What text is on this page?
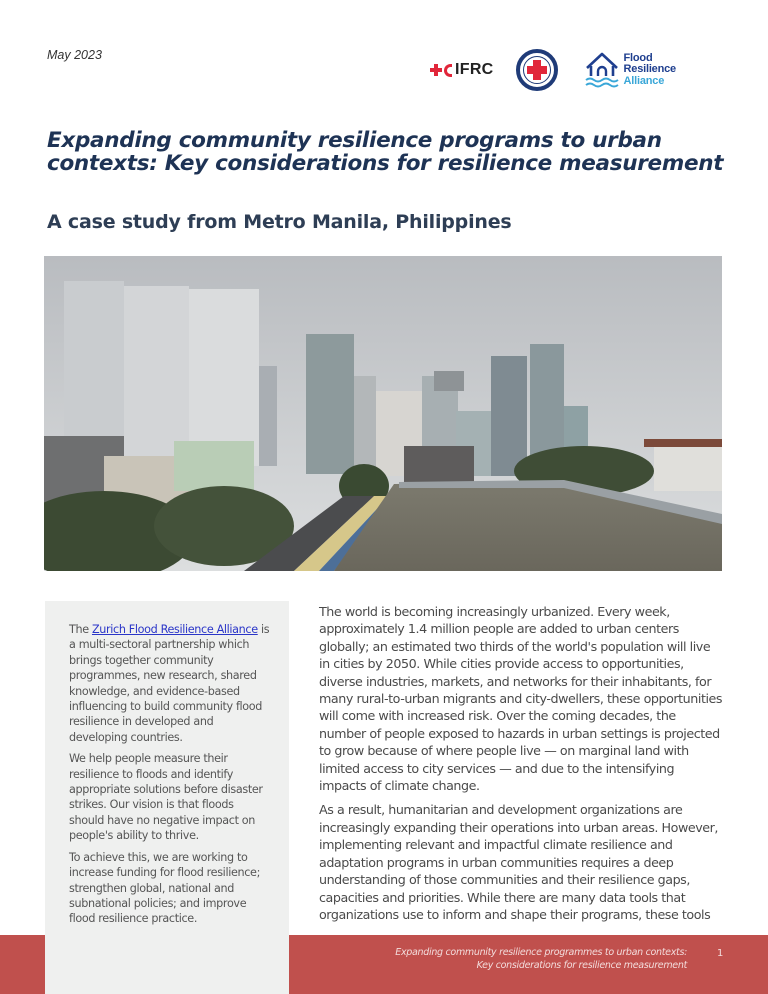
May 2023
IFRC
Flood
Resilience
Alliance
Expanding community resilience programs to urban contexts: Key considerations for resilience measurement
A case study from Metro Manila, Philippines

The Zurich Flood Resilience Alliance is a multi-sectoral partnership which brings together community programmes, new research, shared knowledge, and evidence-based influencing to build community flood resilience in developed and developing countries.

We help people measure their resilience to floods and identify appropriate solutions before disaster strikes. Our vision is that floods should have no negative impact on people's ability to thrive.

To achieve this, we are working to increase funding for flood resilience; strengthen global, national and subnational policies; and improve flood resilience practice.

The world is becoming increasingly urbanized. Every week, approximately 1.4 million people are added to urban centers globally; an estimated two thirds of the world's population will live in cities by 2050. While cities provide access to opportunities, diverse industries, markets, and networks for their inhabitants, for many rural-to-urban migrants and city-dwellers, these opportunities will come with increased risk. Over the coming decades, the number of people exposed to hazards in urban settings is projected to grow because of where people live — on marginal land with limited access to city services — and due to the intensifying impacts of climate change.

As a result, humanitarian and development organizations are increasingly expanding their operations into urban areas. However, implementing relevant and impactful climate resilience and adaptation programs in urban communities requires a deep understanding of those communities and their resilience gaps, capacities and priorities. While there are many data tools that organizations use to inform and shape their programs, these tools

Expanding community resilience programmes to urban contexts:
Key considerations for resilience measurement
1
